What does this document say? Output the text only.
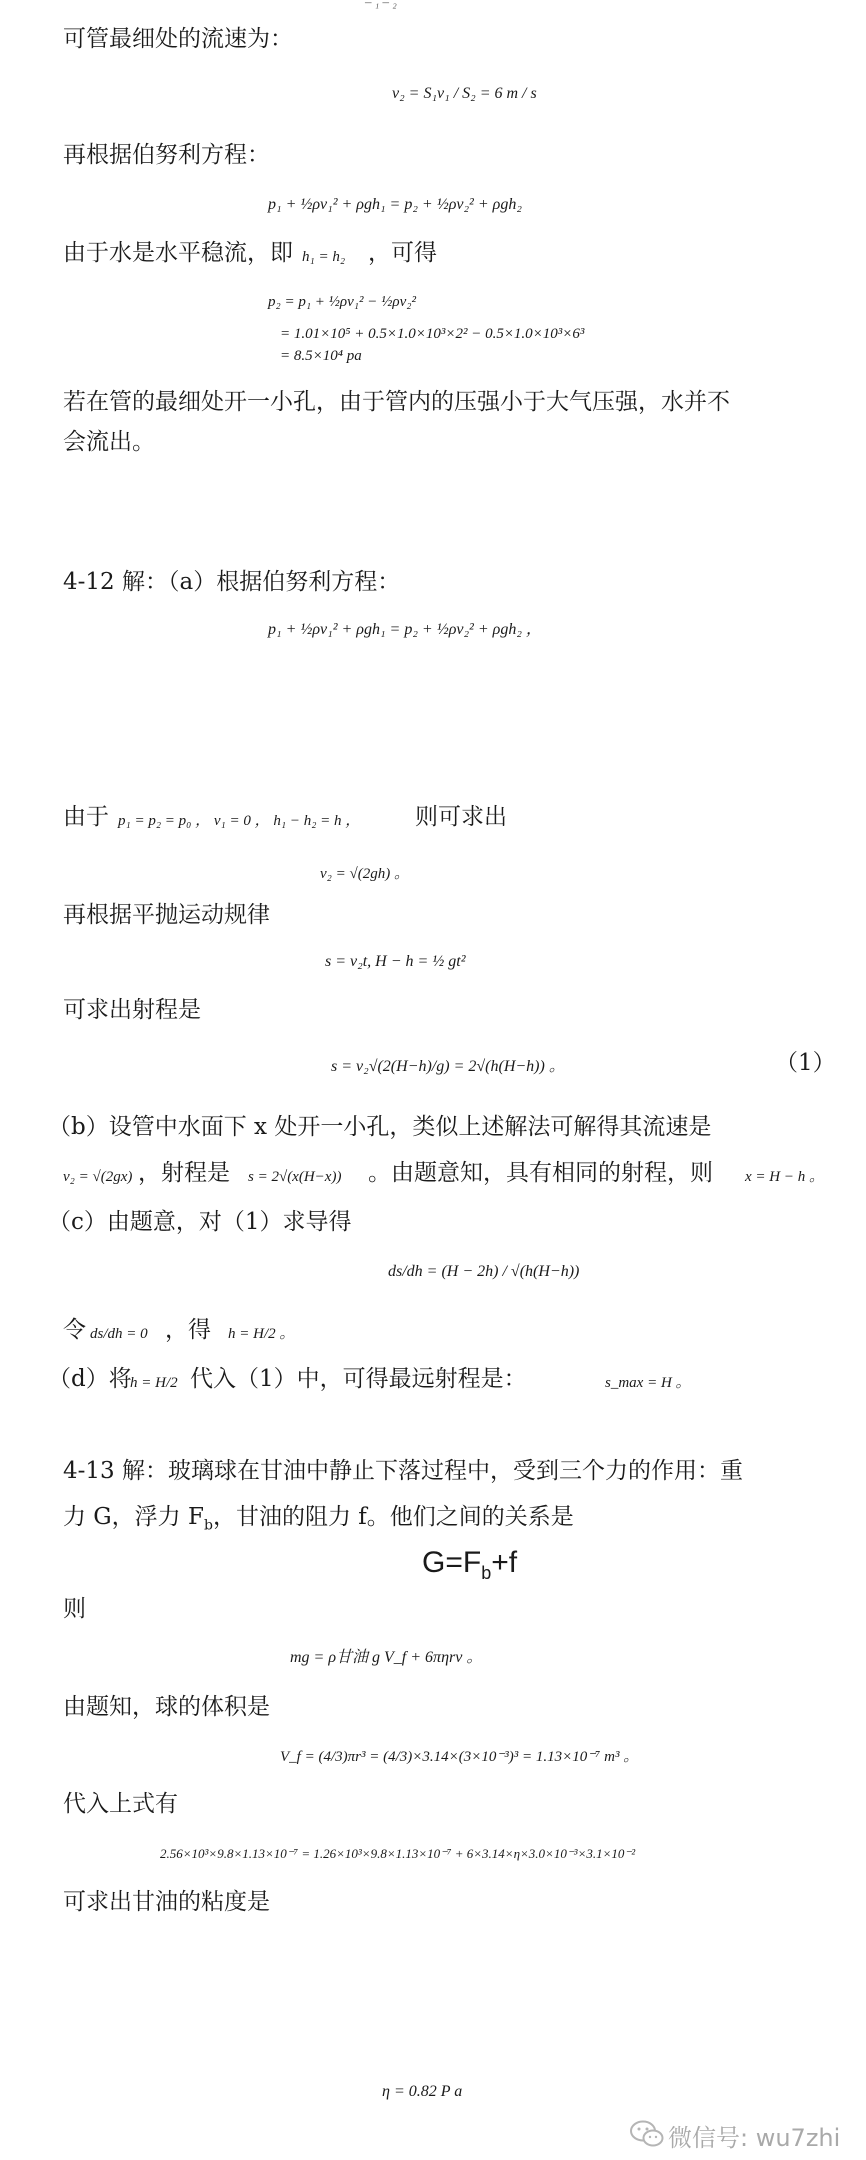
‒ ₁ ‒ ₂
可管最细处的流速为：
v₂ = S₁v₁ / S₂ = 6 m / s
再根据伯努利方程：
p₁ + ½ρv₁² + ρgh₁ = p₂ + ½ρv₂² + ρgh₂
由于水是水平稳流，即 h₁ = h₂ ，可得
p₂ = p₁ + ½ρv₁² − ½ρv₂²
= 1.01×10⁵ + 0.5×1.0×10³×2² − 0.5×1.0×10³×6³
= 8.5×10⁴ pa
若在管的最细处开一小孔，由于管内的压强小于大气压强，水并不
会流出。
4-12 解：（a）根据伯努利方程：
p₁ + ½ρv₁² + ρgh₁ = p₂ + ½ρv₂² + ρgh₂ ，
由于 p₁ = p₂ = p₀ ， v₁ = 0 ， h₁ − h₂ = h ， 则可求出
v₂ = √(2gh) 。
再根据平抛运动规律
s = v₂t, H − h = ½ gt²
可求出射程是
s = v₂√(2(H−h)/g) = 2√(h(H−h)) 。	（1）
（b）设管中水面下 x 处开一小孔，类似上述解法可解得其流速是
v₂ = √(2gx) ，射程是 s = 2√(x(H−x)) 。由题意知，具有相同的射程，则 x = H − h 。
（c）由题意，对（1）求导得
ds/dh = (H − 2h) / √(h(H−h))
令 ds/dh = 0 ，得 h = H/2 。
（d）将
h = H/2 代入（1）中，可得最远射程是：	s_max = H 。
4-13 解：玻璃球在甘油中静止下落过程中，受到三个力的作用：重
力 G，浮力 $F_b$，甘油的阻力 f。他们之间的关系是
$G=F_b+f$
则
mg = ρ甘油 g V_f + 6πηrv 。
由题知，球的体积是
V_f = (4/3)πr³ = (4/3)×3.14×(3×10⁻³)³ = 1.13×10⁻⁷ m³ 。
代入上式有
2.56×10³×9.8×1.13×10⁻⁷ = 1.26×10³×9.8×1.13×10⁻⁷ + 6×3.14×η×3.0×10⁻³×3.1×10⁻²
可求出甘油的粘度是
η = 0.82 P a
微信号: wu7zhi
